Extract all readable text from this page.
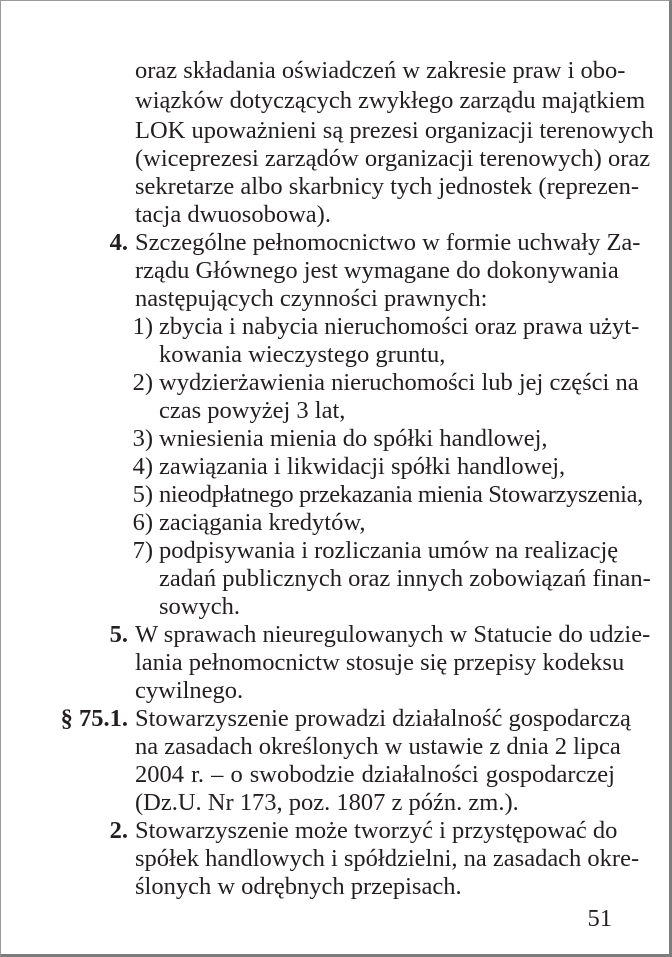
oraz składania oświadczeń w zakresie praw i obo-
wiązków dotyczących zwykłego zarządu majątkiem
LOK upoważnieni są prezesi organizacji terenowych
(wiceprezesi zarządów organizacji terenowych) oraz
sekretarze albo skarbnicy tych jednostek (reprezen-
tacja dwuosobowa).
4. Szczególne pełnomocnictwo w formie uchwały Za-
rządu Głównego jest wymagane do dokonywania
następujących czynności prawnych:
1) zbycia i nabycia nieruchomości oraz prawa użyt-
kowania wieczystego gruntu,
2) wydzierżawienia nieruchomości lub jej części na
czas powyżej 3 lat,
3) wniesienia mienia do spółki handlowej,
4) zawiązania i likwidacji spółki handlowej,
5) nieodpłatnego przekazania mienia Stowarzyszenia,
6) zaciągania kredytów,
7) podpisywania i rozliczania umów na realizację
zadań publicznych oraz innych zobowiązań finan-
sowych.
5. W sprawach nieuregulowanych w Statucie do udzie-
lania pełnomocnictw stosuje się przepisy kodeksu
cywilnego.
§ 75.1. Stowarzyszenie prowadzi działalność gospodarczą
na zasadach określonych w ustawie z dnia 2 lipca
2004 r. – o swobodzie działalności gospodarczej
(Dz.U. Nr 173, poz. 1807 z późn. zm.).
2. Stowarzyszenie może tworzyć i przystępować do
spółek handlowych i spółdzielni, na zasadach okre-
ślonych w odrębnych przepisach.
51
